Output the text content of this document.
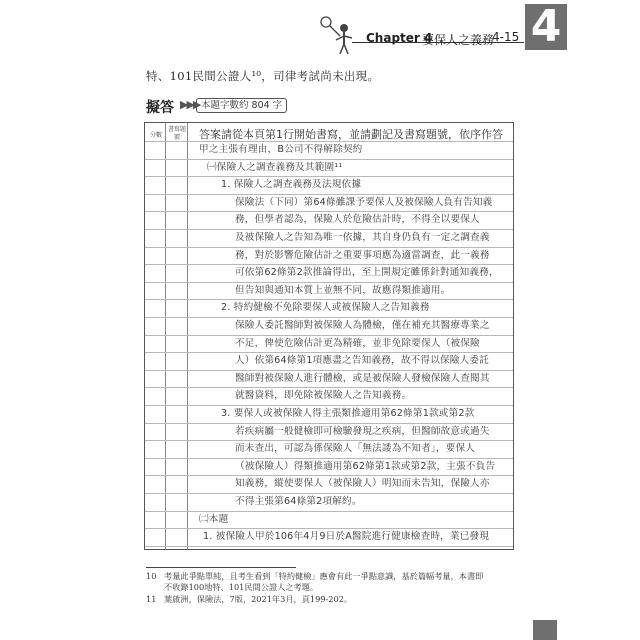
Chapter 4
要保人之義務
4-15 4
特、101民間公證人¹⁰，司律考試尚未出現。
擬答 ▶▶▶ 本題字數約 804 字
分數
書寫題號	答案請從本頁第1行開始書寫，並請劃記及書寫題號，依序作答
甲之主張有理由，B公司不得解除契約
㈠保險人之調查義務及其範圍¹¹
1. 保險人之調查義務及法規依據
保險法（下同）第64條雖課予要保人及被保險人負有告知義
務，但學者認為，保險人於危險估計時，不得全以要保人
及被保險人之告知為唯一依據，其自身仍負有一定之調查義
務，對於影響危險估計之重要事項應為適當調查，此一義務
可依第62條第2款推論得出，至上開規定雖係針對通知義務，
但告知與通知本質上並無不同，故應得類推適用。
2. 特約健檢不免除要保人或被保險人之告知義務
保險人委託醫師對被保險人為體檢，僅在補充其醫療專業之
不足，俾使危險估計更為精確，並非免除要保人（被保險
人）依第64條第1項應盡之告知義務，故不得以保險人委託
醫師對被保險人進行體檢，或是被保險人發檢保險人查閱其
就醫資料，即免除被保險人之告知義務。
3. 要保人或被保險人得主張類推適用第62條第1款或第2款
若疾病屬一般健檢即可檢驗發現之疾病，但醫師故意或過失
而未查出，可認為係保險人「無法諉為不知者」，要保人
（被保險人）得類推適用第62條第1款或第2款，主張不負告
知義務，縱使要保人（被保險人）明知而未告知，保險人亦
不得主張第64條第2項解約。
㈡本題
1. 被保險人甲於106年4月9日於A醫院進行健康檢查時，業已發現
10 考量此爭點單純，且考生看到「特約健檢」應會有此一爭點意識，基於篇幅考量，本書即
不收錄100地特、101民間公證人之考題。
11 葉啟洲，保險法，7版，2021年3月，頁199-202。
